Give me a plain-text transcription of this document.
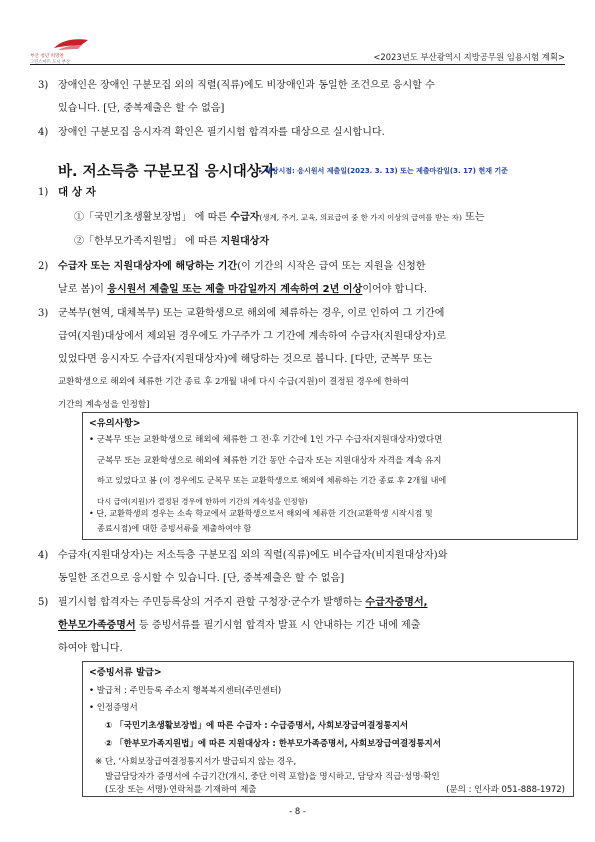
부산 청년 희망찬
그린스마트 도시 부산
<2023년도 부산광역시 지방공무원 임용시험 계획>
3) 장애인은 장애인 구분모집 외의 직렬(직류)에도 비장애인과 동일한 조건으로 응시할 수
있습니다. [단, 중복제출은 할 수 없음]
4) 장애인 구분모집 응시자격 확인은 필기시험 합격자를 대상으로 실시합니다.
바. 저소득층 구분모집 응시대상자
▸ 해당시점: 응시원서 제출일(2023. 3. 13) 또는 제출마감일(3. 17) 현재 기준
1) 대 상 자
①「국민기초생활보장법」 에 따른 수급자(생계, 주거, 교육, 의료급여 중 한 가지 이상의 급여를 받는 자) 또는
②「한부모가족지원법」 에 따른 지원대상자
2) 수급자 또는 지원대상자에 해당하는 기간(이 기간의 시작은 급여 또는 지원을 신청한
날로 봄)이 응시원서 제출일 또는 제출 마감일까지 계속하여 2년 이상이어야 합니다.
3) 군복무(현역, 대체복무) 또는 교환학생으로 해외에 체류하는 경우, 이로 인하여 그 기간에
급여(지원)대상에서 제외된 경우에도 가구주가 그 기간에 계속하여 수급자(지원대상자)로
있었다면 응시자도 수급자(지원대상자)에 해당하는 것으로 봅니다. [다만, 군복무 또는
교환학생으로 해외에 체류한 기간 종료 후 2개월 내에 다시 수급(지원)이 결정된 경우에 한하여
기간의 계속성을 인정함]
<유의사항>
• 군복무 또는 교환학생으로 해외에 체류한 그 전·후 기간에 1인 가구 수급자(지원대상자)였다면
군복무 또는 교환학생으로 해외에 체류한 기간 동안 수급자 또는 지원대상자 자격을 계속 유지
하고 있었다고 봄 (이 경우에도 군복무 또는 교환학생으로 해외에 체류하는 기간 종료 후 2개월 내에
다시 급여(지원)가 결정된 경우에 한하여 기간의 계속성을 인정함)
• 단, 교환학생의 경우는 소속 학교에서 교환학생으로서 해외에 체류한 기간(교환학생 시작시점 및
종료시점)에 대한 증빙서류를 제출하여야 함
4) 수급자(지원대상자)는 저소득층 구분모집 외의 직렬(직류)에도 비수급자(비지원대상자)와
동일한 조건으로 응시할 수 있습니다. [단, 중복제출은 할 수 없음]
5) 필기시험 합격자는 주민등록상의 거주지 관할 구청장·군수가 발행하는 수급자증명서,
한부모가족증명서 등 증빙서류를 필기시험 합격자 발표 시 안내하는 기간 내에 제출
하여야 합니다.
<증빙서류 발급>
• 발급처 : 주민등록 주소지 행복복지센터(주민센터)
• 인정증명서
① 「국민기초생활보장법」에 따른 수급자 : 수급증명서, 사회보장급여결정통지서
② 「한부모가족지원법」에 따른 지원대상자 : 한부모가족증명서, 사회보장급여결정통지서
※ 단, ‘사회보장급여결정통지서가 발급되지 않는 경우,
발급담당자가 증명서에 수급기간(개시, 중단 이력 포함)을 명시하고, 담당자 직급·성명·확인
(도장 또는 서명)·연락처를 기재하여 제출	(문의 : 인사과 051-888-1972)
- 8 -
